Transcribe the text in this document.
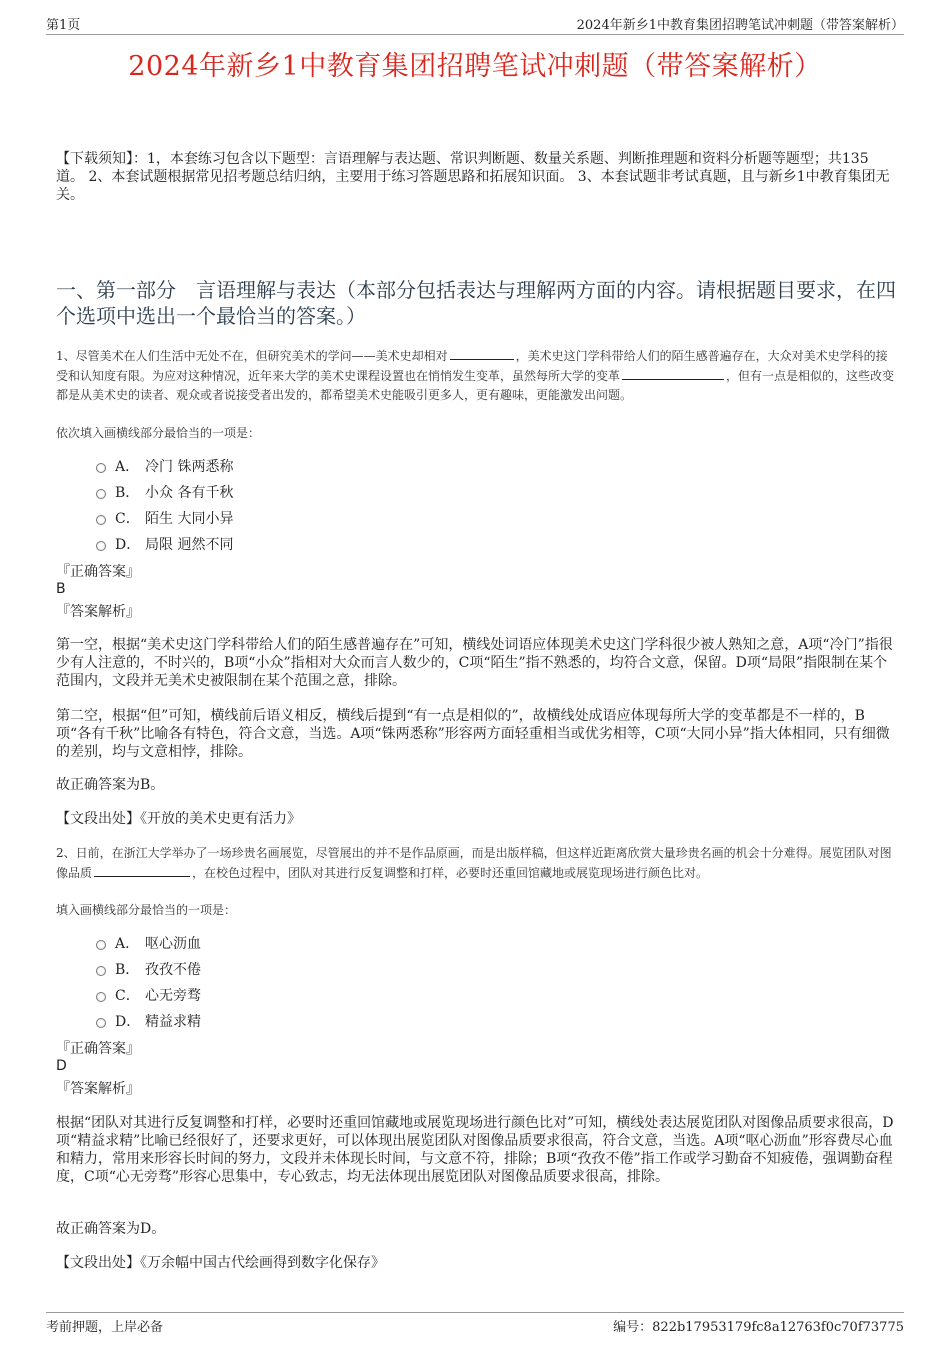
第1页	2024年新乡1中教育集团招聘笔试冲刺题（带答案解析）
2024年新乡1中教育集团招聘笔试冲刺题（带答案解析）
【下载须知】：1，本套练习包含以下题型：言语理解与表达题、常识判断题、数量关系题、判断推理题和资料分析题等题型；共135道。 2、本套试题根据常见招考题总结归纳，主要用于练习答题思路和拓展知识面。 3、本套试题非考试真题，且与新乡1中教育集团无关。
一、第一部分　言语理解与表达（本部分包括表达与理解两方面的内容。请根据题目要求，在四个选项中选出一个最恰当的答案。）
1、尽管美术在人们生活中无处不在，但研究美术的学问——美术史却相对	，美术史这门学科带给人们的陌生感普遍存在，大众对美术史学科的接受和认知度有限。为应对这种情况，近年来大学的美术史课程设置也在悄悄发生变革，虽然每所大学的变革	，但有一点是相似的，这些改变都是从美术史的读者、观众或者说接受者出发的，都希望美术史能吸引更多人，更有趣味，更能激发出问题。
依次填入画横线部分最恰当的一项是：
A． 冷门 铢两悉称
B． 小众 各有千秋
C． 陌生 大同小异
D． 局限 迥然不同
『正确答案』
B
『答案解析』
第一空，根据“美术史这门学科带给人们的陌生感普遍存在”可知，横线处词语应体现美术史这门学科很少被人熟知之意，A项“冷门”指很少有人注意的，不时兴的，B项“小众”指相对大众而言人数少的，C项“陌生”指不熟悉的，均符合文意，保留。D项“局限”指限制在某个范围内，文段并无美术史被限制在某个范围之意，排除。
第二空，根据“但”可知，横线前后语义相反，横线后提到“有一点是相似的”，故横线处成语应体现每所大学的变革都是不一样的，B项“各有千秋”比喻各有特色，符合文意，当选。A项“铢两悉称”形容两方面轻重相当或优劣相等，C项“大同小异”指大体相同，只有细微的差别，均与文意相悖，排除。
故正确答案为B。
【文段出处】《开放的美术史更有活力》
2、日前，在浙江大学举办了一场珍贵名画展览，尽管展出的并不是作品原画，而是出版样稿，但这样近距离欣赏大量珍贵名画的机会十分难得。展览团队对图像品质	，在校色过程中，团队对其进行反复调整和打样，必要时还重回馆藏地或展览现场进行颜色比对。
填入画横线部分最恰当的一项是：
A． 呕心沥血
B． 孜孜不倦
C． 心无旁骛
D． 精益求精
『正确答案』
D
『答案解析』
根据“团队对其进行反复调整和打样，必要时还重回馆藏地或展览现场进行颜色比对”可知，横线处表达展览团队对图像品质要求很高，D项“精益求精”比喻已经很好了，还要求更好，可以体现出展览团队对图像品质要求很高，符合文意，当选。A项“呕心沥血”形容费尽心血和精力，常用来形容长时间的努力，文段并未体现长时间，与文意不符，排除；B项“孜孜不倦”指工作或学习勤奋不知疲倦，强调勤奋程度，C项“心无旁骛”形容心思集中，专心致志，均无法体现出展览团队对图像品质要求很高，排除。
故正确答案为D。
【文段出处】《万余幅中国古代绘画得到数字化保存》
考前押题，上岸必备	编号：822b17953179fc8a12763f0c70f73775
